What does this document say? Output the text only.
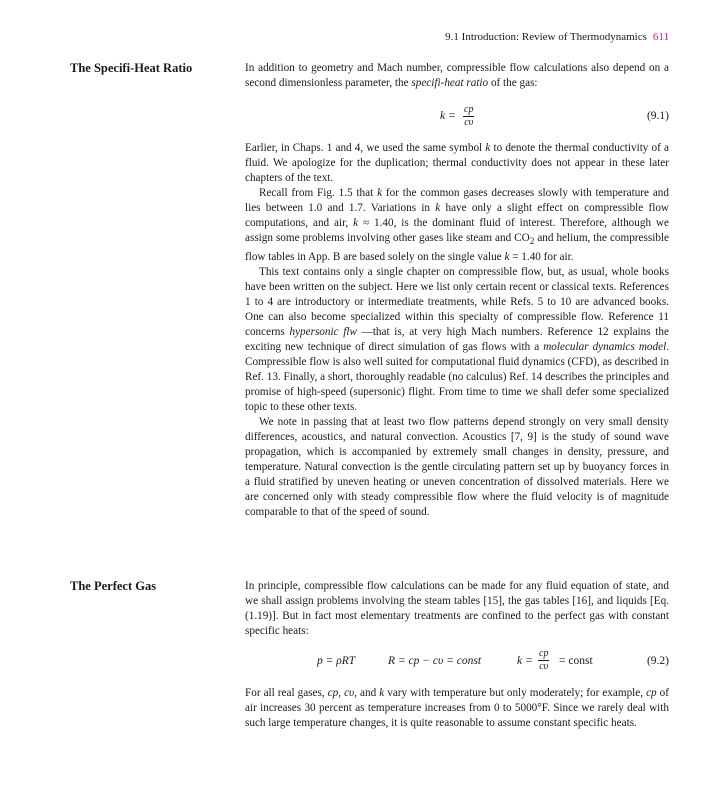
9.1 Introduction: Review of Thermodynamics 611
The Specifi-Heat Ratio	In addition to geometry and Mach number, compressible flow calculations also depend on a second dimensionless parameter, the specifi-heat ratio of the gas:

$k = \frac{cp}{c\upsilon}$	(9.1)

Earlier, in Chaps. 1 and 4, we used the same symbol k to denote the thermal conductivity of a fluid. We apologize for the duplication; thermal conductivity does not appear in these later chapters of the text.

Recall from Fig. 1.5 that k for the common gases decreases slowly with temperature and lies between 1.0 and 1.7. Variations in k have only a slight effect on compressible flow computations, and air, k ≈ 1.40, is the dominant fluid of interest. Therefore, although we assign some problems involving other gases like steam and $CO_2$ and helium, the compressible flow tables in App. B are based solely on the single value k = 1.40 for air.

This text contains only a single chapter on compressible flow, but, as usual, whole books have been written on the subject. Here we list only certain recent or classical texts. References 1 to 4 are introductory or intermediate treatments, while Refs. 5 to 10 are advanced books. One can also become specialized within this specialty of compressible flow. Reference 11 concerns hypersonic flw —that is, at very high Mach numbers. Reference 12 explains the exciting new technique of direct simulation of gas flows with a molecular dynamics model. Compressible flow is also well suited for computational fluid dynamics (CFD), as described in Ref. 13. Finally, a short, thoroughly readable (no calculus) Ref. 14 describes the principles and promise of high-speed (supersonic) flight. From time to time we shall defer some specialized topic to these other texts.

We note in passing that at least two flow patterns depend strongly on very small density differences, acoustics, and natural convection. Acoustics [7, 9] is the study of sound wave propagation, which is accompanied by extremely small changes in density, pressure, and temperature. Natural convection is the gentle circulating pattern set up by buoyancy forces in a fluid stratified by uneven heating or uneven concentration of dissolved materials. Here we are concerned only with steady compressible flow where the fluid velocity is of magnitude comparable to that of the speed of sound.

The Perfect Gas	In principle, compressible flow calculations can be made for any fluid equation of state, and we shall assign problems involving the steam tables [15], the gas tables [16], and liquids [Eq. (1.19)]. But in fact most elementary treatments are confined to the perfect gas with constant specific heats:

p = ρRT	R = cp − cυ = const	$k = \frac{cp}{c\upsilon}$ = const	(9.2)

For all real gases, cp, cυ, and k vary with temperature but only moderately; for example, cp of air increases 30 percent as temperature increases from 0 to 5000°F. Since we rarely deal with such large temperature changes, it is quite reasonable to assume constant specific heats.
